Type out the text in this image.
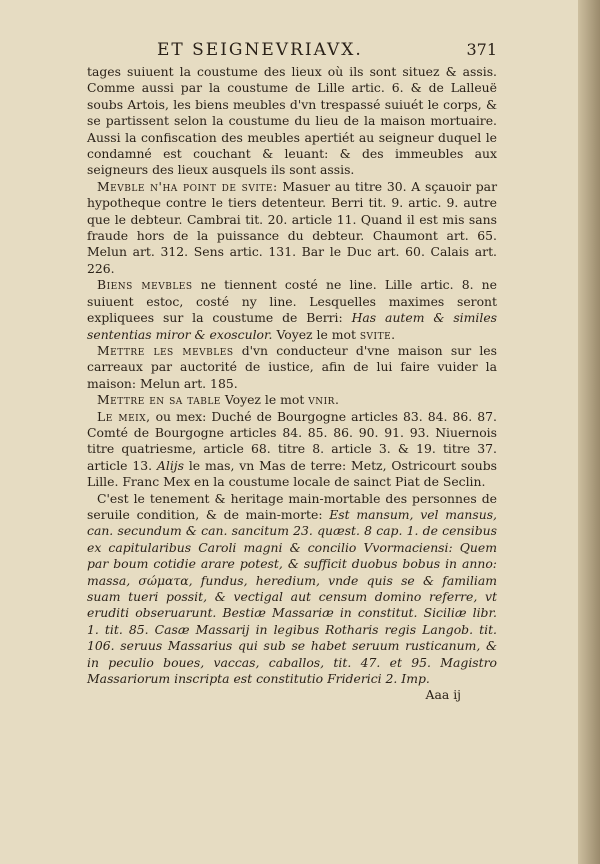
ET SEIGNEVRIAVX.	371

tages suiuent la coustume des lieux où ils sont situez & assis. Comme aussi par la coustume de Lille artic. 6. & de Lalleuë soubs Artois, les biens meubles d'vn trespassé suiuét le corps, & se partissent selon la coustume du lieu de la maison mortuaire. Aussi la confiscation des meubles apertiét au seigneur duquel le condamné est couchant & leuant: & des immeubles aux seigneurs des lieux ausquels ils sont assis.

Mevble n'ha point de svite: Masuer au titre 30. A sçauoir par hypotheque contre le tiers detenteur. Berri tit. 9. artic. 9. autre que le debteur. Cambrai tit. 20. article 11. Quand il est mis sans fraude hors de la puissance du debteur. Chaumont art. 65. Melun art. 312. Sens artic. 131. Bar le Duc art. 60. Calais art. 226.

Biens mevbles ne tiennent costé ne line. Lille artic. 8. ne suiuent estoc, costé ny line. Lesquelles maximes seront expliquees sur la coustume de Berri: Has autem & similes sententias miror & exosculor. Voyez le mot svite.

Mettre les mevbles d'vn conducteur d'vne maison sur les carreaux par auctorité de iustice, afin de lui faire vuider la maison: Melun art. 185.

Mettre en sa table Voyez le mot vnir.

Le meix, ou mex: Duché de Bourgogne articles 83. 84. 86. 87. Comté de Bourgogne articles 84. 85. 86. 90. 91. 93. Niuernois titre quatriesme, article 68. titre 8. article 3. & 19. titre 37. article 13. Alijs le mas, vn Mas de terre: Metz, Ostricourt soubs Lille. Franc Mex en la coustume locale de sainct Piat de Seclin.

C'est le tenement & heritage main-mortable des personnes de seruile condition, & de main-morte: Est mansum, vel mansus, can. secundum & can. sancitum 23. quæst. 8 cap. 1. de censibus ex capitularibus Caroli magni & concilio Vvormaciensi: Quem par boum cotidie arare potest, & sufficit duobus bobus in anno: massa, σώματα, fundus, heredium, vnde quis se & familiam suam tueri possit, & vectigal aut censum domino referre, vt eruditi obseruarunt. Bestiæ Massariæ in constitut. Siciliæ libr. 1. tit. 85. Casæ Massarij in legibus Rotharis regis Langob. tit. 106. seruus Massarius qui sub se habet seruum rusticanum, & in peculio boues, vaccas, caballos, tit. 47. et 95. Magistro Massariorum inscripta est constitutio Friderici 2. Imp.

Aaa ij
